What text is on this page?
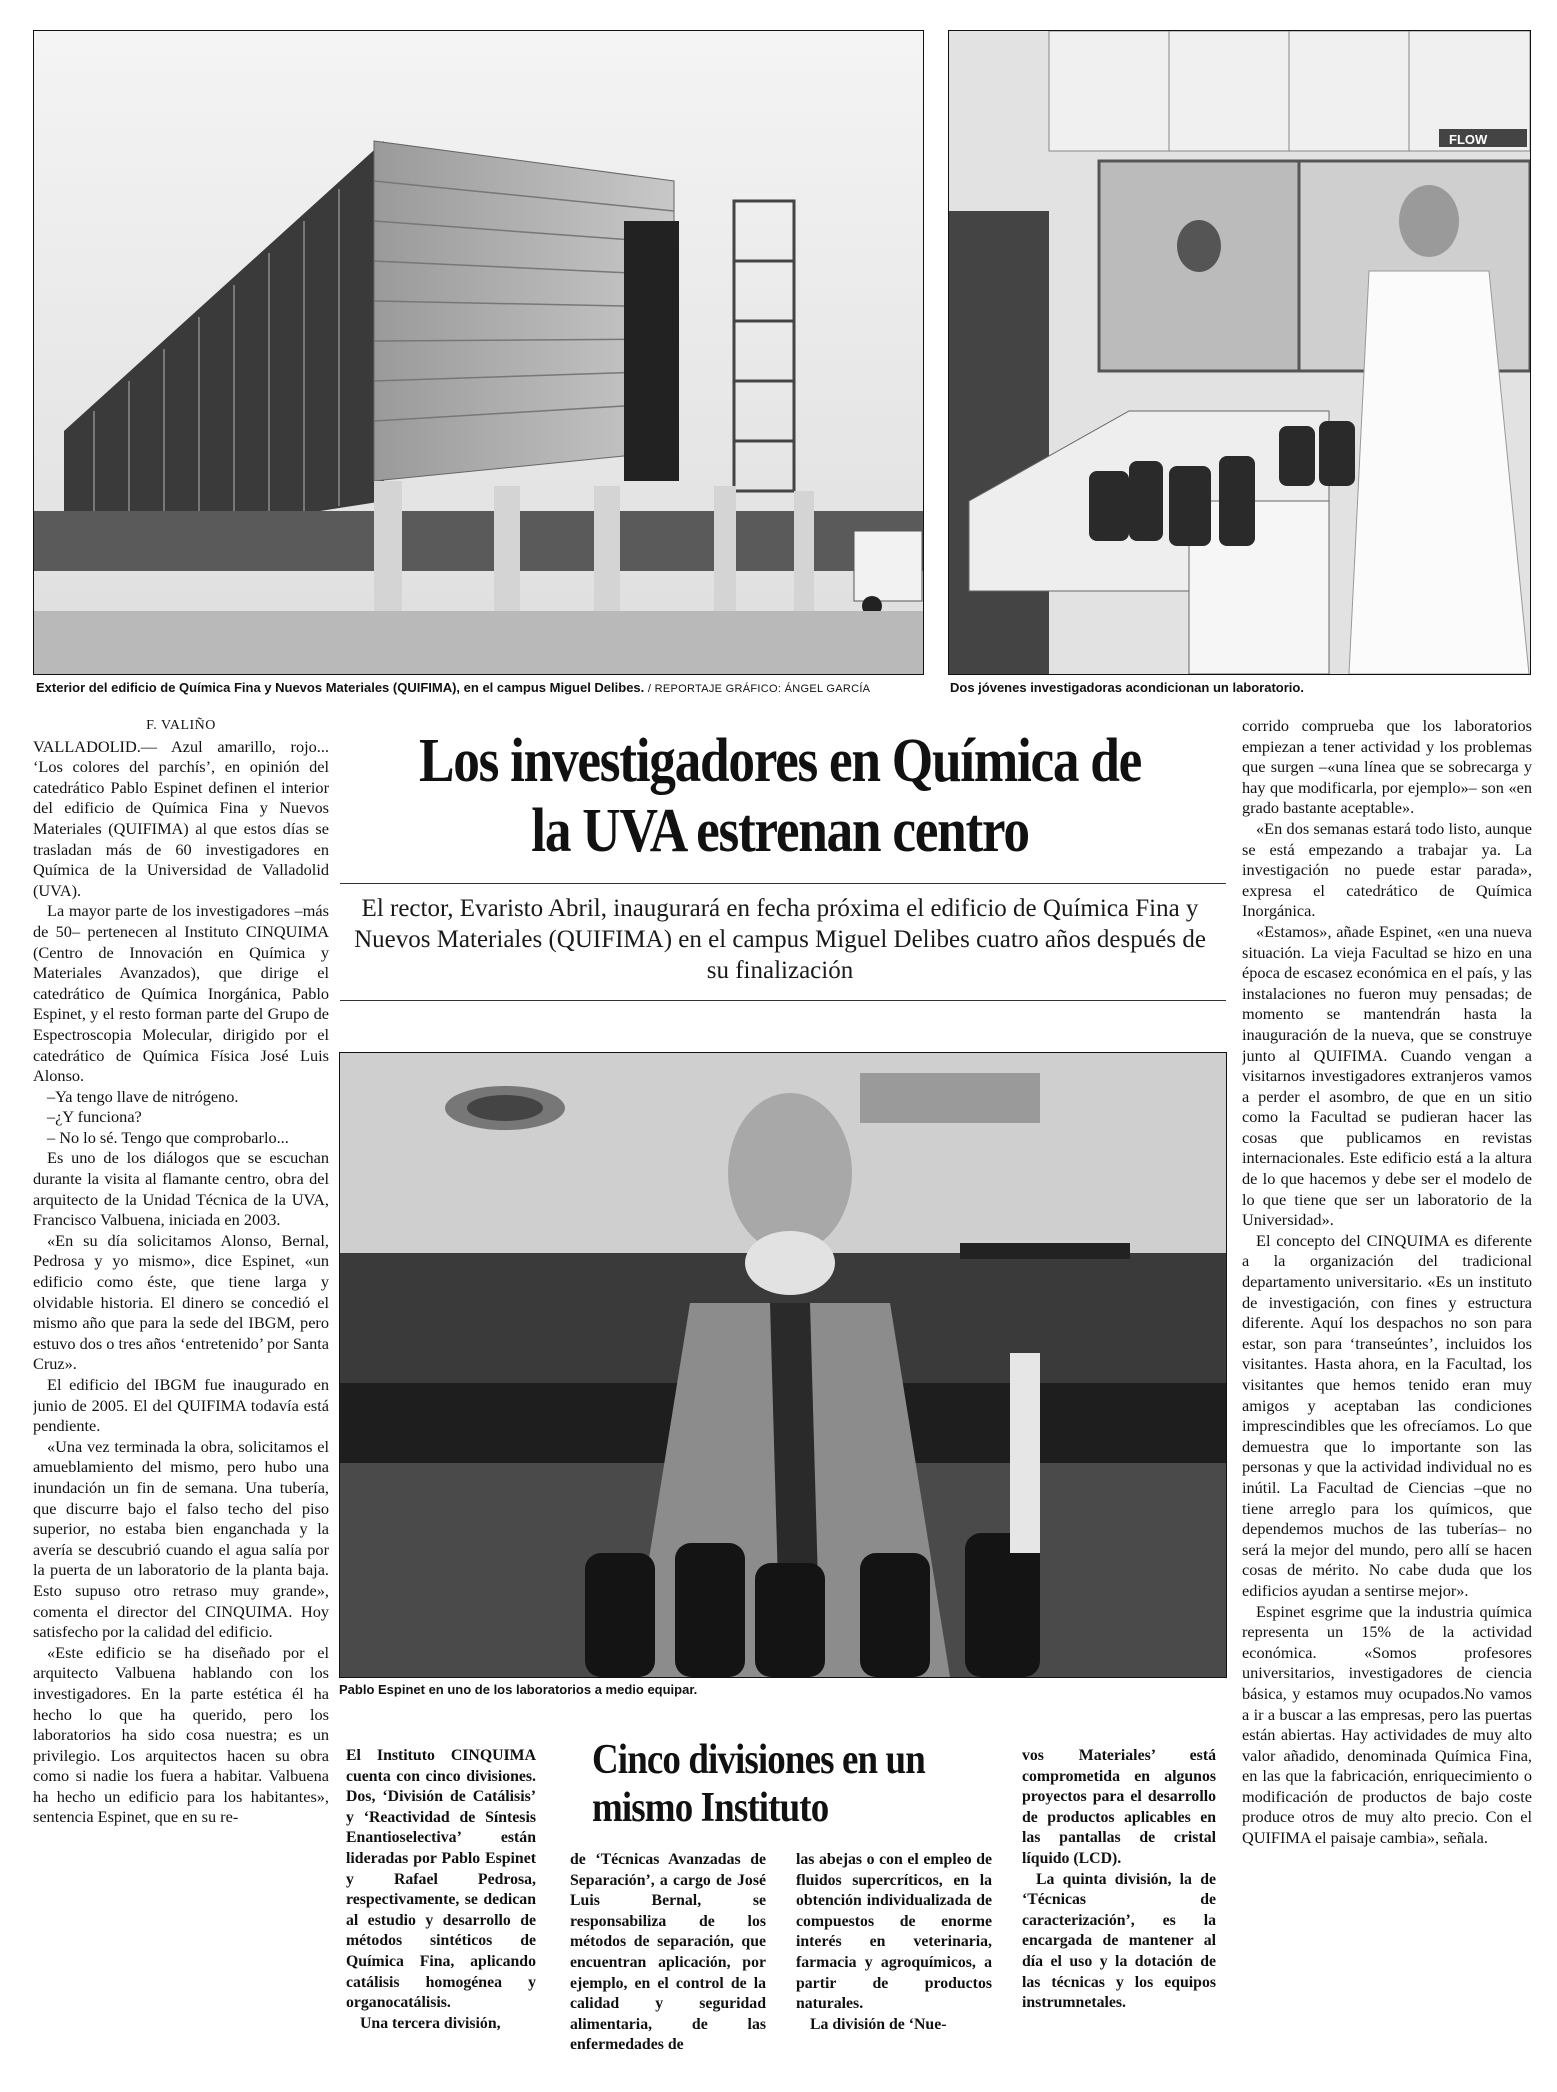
FLOW
Exterior del edificio de Química Fina y Nuevos Materiales (QUIFIMA), en el campus Miguel Delibes. / REPORTAJE GRÁFICO: ÁNGEL GARCÍA	Dos jóvenes investigadoras acondicionan un laboratorio.
F. VALIÑO

VALLADOLID.— Azul amarillo, rojo... ‘Los colores del parchís’, en opinión del catedrático Pablo Espinet definen el interior del edificio de Química Fina y Nuevos Materiales (QUIFIMA) al que estos días se trasladan más de 60 investigadores en Química de la Universidad de Valladolid (UVA).

La mayor parte de los investigadores –más de 50– pertenecen al Instituto CINQUIMA (Centro de Innovación en Química y Materiales Avanzados), que dirige el catedrático de Química Inorgánica, Pablo Espinet, y el resto forman parte del Grupo de Espectroscopia Molecular, dirigido por el catedrático de Química Física José Luis Alonso.

–Ya tengo llave de nitrógeno.

–¿Y funciona?

– No lo sé. Tengo que comprobarlo...

Es uno de los diálogos que se escuchan durante la visita al flamante centro, obra del arquitecto de la Unidad Técnica de la UVA, Francisco Valbuena, iniciada en 2003.

«En su día solicitamos Alonso, Bernal, Pedrosa y yo mismo», dice Espinet, «un edificio como éste, que tiene larga y olvidable historia. El dinero se concedió el mismo año que para la sede del IBGM, pero estuvo dos o tres años ‘entretenido’ por Santa Cruz».

El edificio del IBGM fue inaugurado en junio de 2005. El del QUIFIMA todavía está pendiente.

«Una vez terminada la obra, solicitamos el amueblamiento del mismo, pero hubo una inundación un fin de semana. Una tubería, que discurre bajo el falso techo del piso superior, no estaba bien enganchada y la avería se descubrió cuando el agua salía por la puerta de un laboratorio de la planta baja. Esto supuso otro retraso muy grande», comenta el director del CINQUIMA. Hoy satisfecho por la calidad del edificio.

«Este edificio se ha diseñado por el arquitecto Valbuena hablando con los investigadores. En la parte estética él ha hecho lo que ha querido, pero los laboratorios ha sido cosa nuestra; es un privilegio. Los arquitectos hacen su obra como si nadie los fuera a habitar. Valbuena ha hecho un edificio para los habitantes», sentencia Espinet, que en su re-

Los investigadores en Química de la UVA estrenan centro
El rector, Evaristo Abril, inaugurará en fecha próxima el edificio de Química Fina y Nuevos Materiales (QUIFIMA) en el campus Miguel Delibes cuatro años después de su finalización
Pablo Espinet en uno de los laboratorios a medio equipar.

El Instituto CINQUIMA cuenta con cinco divisiones. Dos, ‘División de Catálisis’ y ‘Reactividad de Síntesis Enantioselectiva’ están lideradas por Pablo Espinet y Rafael Pedrosa, respectivamente, se dedican al estudio y desarrollo de métodos sintéticos de Química Fina, aplicando catálisis homogénea y organocatálisis.

Una tercera división,

Cinco divisiones en un mismo Instituto

de ‘Técnicas Avanzadas de Separación’, a cargo de José Luis Bernal, se responsabiliza de los métodos de separación, que encuentran aplicación, por ejemplo, en el control de la calidad y seguridad alimentaria, de las enfermedades de

las abejas o con el empleo de fluidos supercríticos, en la obtención individualizada de compuestos de enorme interés en veterinaria, farmacia y agroquímicos, a partir de productos naturales.

La división de ‘Nue-

vos Materiales’ está comprometida en algunos proyectos para el desarrollo de productos aplicables en las pantallas de cristal líquido (LCD).

La quinta división, la de ‘Técnicas de caracterización’, es la encargada de mantener al día el uso y la dotación de las técnicas y los equipos instrumnetales.

corrido comprueba que los laboratorios empiezan a tener actividad y los problemas que surgen –«una línea que se sobrecarga y hay que modificarla, por ejemplo»– son «en grado bastante aceptable».

«En dos semanas estará todo listo, aunque se está empezando a trabajar ya. La investigación no puede estar parada», expresa el catedrático de Química Inorgánica.

«Estamos», añade Espinet, «en una nueva situación. La vieja Facultad se hizo en una época de escasez económica en el país, y las instalaciones no fueron muy pensadas; de momento se mantendrán hasta la inauguración de la nueva, que se construye junto al QUIFIMA. Cuando vengan a visitarnos investigadores extranjeros vamos a perder el asombro, de que en un sitio como la Facultad se pudieran hacer las cosas que publicamos en revistas internacionales. Este edificio está a la altura de lo que hacemos y debe ser el modelo de lo que tiene que ser un laboratorio de la Universidad».

El concepto del CINQUIMA es diferente a la organización del tradicional departamento universitario. «Es un instituto de investigación, con fines y estructura diferente. Aquí los despachos no son para estar, son para ‘transeúntes’, incluidos los visitantes. Hasta ahora, en la Facultad, los visitantes que hemos tenido eran muy amigos y aceptaban las condiciones imprescindibles que les ofrecíamos. Lo que demuestra que lo importante son las personas y que la actividad individual no es inútil. La Facultad de Ciencias –que no tiene arreglo para los químicos, que dependemos muchos de las tuberías– no será la mejor del mundo, pero allí se hacen cosas de mérito. No cabe duda que los edificios ayudan a sentirse mejor».

Espinet esgrime que la industria química representa un 15% de la actividad económica. «Somos profesores universitarios, investigadores de ciencia básica, y estamos muy ocupados.No vamos a ir a buscar a las empresas, pero las puertas están abiertas. Hay actividades de muy alto valor añadido, denominada Química Fina, en las que la fabricación, enriquecimiento o modificación de productos de bajo coste produce otros de muy alto precio. Con el QUIFIMA el paisaje cambia», señala.
